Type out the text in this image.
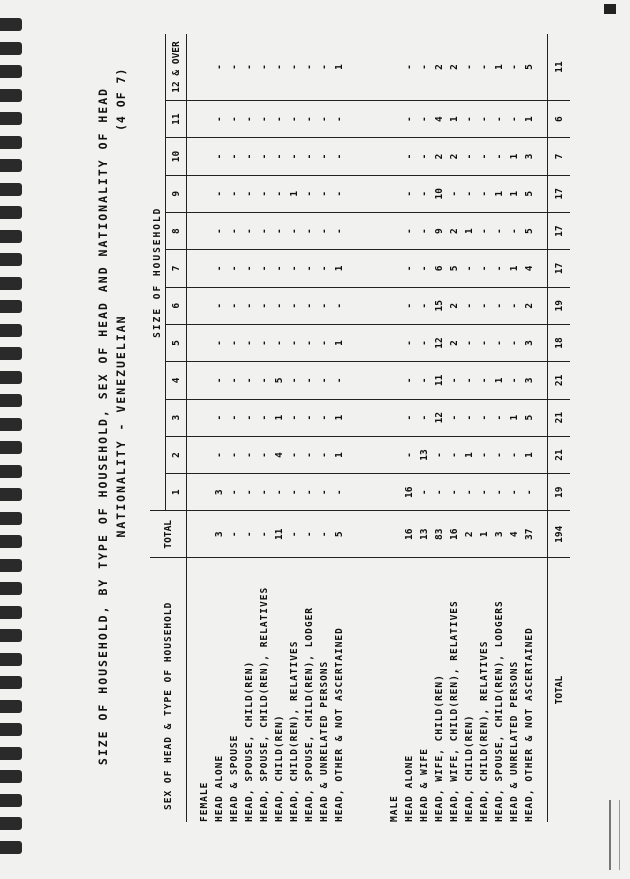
SIZE OF HOUSEHOLD, BY TYPE OF HOUSEHOLD, SEX OF HEAD AND NATIONALITY OF HEAD NATIONALITY - VENEZUELIAN
(4 OF 7)
SEX OF HEAD & TYPE OF HOUSEHOLD	TOTAL	SIZE OF HOUSEHOLD											
		1	2	3	4	5	6	7	8	9	10	11	12 & OVER

FEMALE													
HEAD ALONE	3	3	-	-	-	-	-	-	-	-	-	-	-
HEAD & SPOUSE	-	-	-	-	-	-	-	-	-	-	-	-	-
HEAD, SPOUSE, CHILD(REN)	-	-	-	-	-	-	-	-	-	-	-	-	-
HEAD, SPOUSE, CHILD(REN), RELATIVES	-	-	-	-	-	-	-	-	-	-	-	-	-
HEAD, CHILD(REN)	11	-	4	1	5	-	-	-	-	-	-	-	-
HEAD, CHILD(REN), RELATIVES	-	-	-	-	-	-	-	-	-	1	-	-	-
HEAD, SPOUSE, CHILD(REN), LODGER	-	-	-	-	-	-	-	-	-	-	-	-	-
HEAD & UNRELATED PERSONS	-	-	-	-	-	-	-	-	-	-	-	-	-
HEAD, OTHER & NOT ASCERTAINED	5	-	1	1	-	1	-	1	-	-	-	-	1

MALE													
HEAD ALONE	16	16	-	-	-	-	-	-	-	-	-	-	-
HEAD & WIFE	13	-	13	-	-	-	-	-	-	-	-	-	-
HEAD, WIFE, CHILD(REN)	83	-	-	12	11	12	15	6	9	10	2	4	2
HEAD, WIFE, CHILD(REN), RELATIVES	16	-	-	-	-	2	2	5	2	-	2	1	2
HEAD, CHILD(REN)	2	-	1	-	-	-	-	-	1	-	-	-	-
HEAD, CHILD(REN), RELATIVES	1	-	-	-	-	-	-	-	-	-	-	-	-
HEAD, SPOUSE, CHILD(REN), LODGERS	3	-	-	-	1	-	-	-	-	1	-	-	1
HEAD & UNRELATED PERSONS	4	-	-	1	-	-	-	1	-	1	1	-	-
HEAD, OTHER & NOT ASCERTAINED	37	-	1	5	3	3	2	4	5	5	3	1	5

TOTAL	194	19	21	21	21	18	19	17	17	17	7	6	11
